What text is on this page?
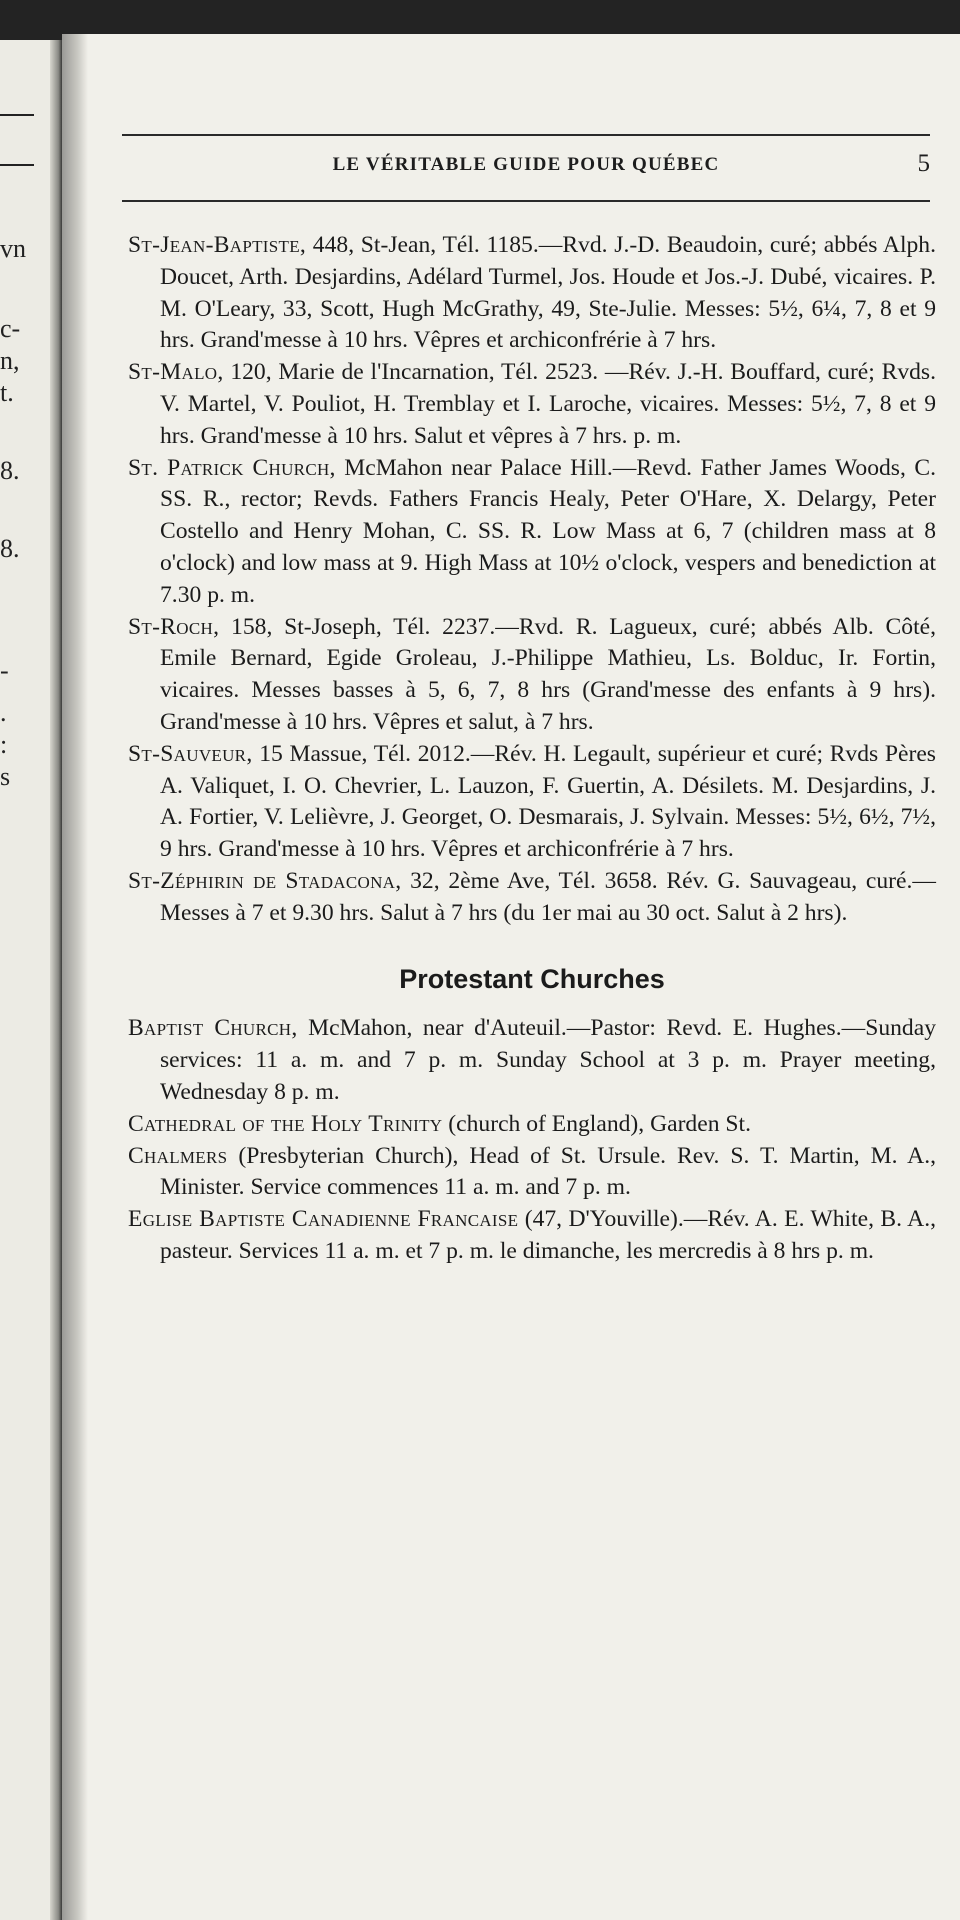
vn
c-
n,
t.
8.
8.
-
.
:
s
LE VÉRITABLE GUIDE POUR QUÉBEC	5

St-Jean-Baptiste, 448, St-Jean, Tél. 1185.—Rvd. J.-D. Beaudoin, curé; abbés Alph. Doucet, Arth. Desjardins, Adélard Turmel, Jos. Houde et Jos.-J. Dubé, vicaires. P. M. O'Leary, 33, Scott, Hugh McGrathy, 49, Ste-Julie. Messes: 5½, 6¼, 7, 8 et 9 hrs. Grand'messe à 10 hrs. Vêpres et archiconfrérie à 7 hrs.

St-Malo, 120, Marie de l'Incarnation, Tél. 2523. —Rév. J.-H. Bouffard, curé; Rvds. V. Martel, V. Pouliot, H. Tremblay et I. Laroche, vicaires. Messes: 5½, 7, 8 et 9 hrs. Grand'messe à 10 hrs. Salut et vêpres à 7 hrs. p. m.

St. Patrick Church, McMahon near Palace Hill.—Revd. Father James Woods, C. SS. R., rector; Revds. Fathers Francis Healy, Peter O'Hare, X. Delargy, Peter Costello and Henry Mohan, C. SS. R. Low Mass at 6, 7 (children mass at 8 o'clock) and low mass at 9. High Mass at 10½ o'clock, vespers and benediction at 7.30 p. m.

St-Roch, 158, St-Joseph, Tél. 2237.—Rvd. R. Lagueux, curé; abbés Alb. Côté, Emile Bernard, Egide Groleau, J.-Philippe Mathieu, Ls. Bolduc, Ir. Fortin, vicaires. Messes basses à 5, 6, 7, 8 hrs (Grand'messe des enfants à 9 hrs). Grand'messe à 10 hrs. Vêpres et salut, à 7 hrs.

St-Sauveur, 15 Massue, Tél. 2012.—Rév. H. Legault, supérieur et curé; Rvds Pères A. Valiquet, I. O. Chevrier, L. Lauzon, F. Guertin, A. Désilets. M. Desjardins, J. A. Fortier, V. Lelièvre, J. Georget, O. Desmarais, J. Sylvain. Messes: 5½, 6½, 7½, 9 hrs. Grand'messe à 10 hrs. Vêpres et archiconfrérie à 7 hrs.

St-Zéphirin de Stadacona, 32, 2ème Ave, Tél. 3658. Rév. G. Sauvageau, curé.—Messes à 7 et 9.30 hrs. Salut à 7 hrs (du 1er mai au 30 oct. Salut à 2 hrs).

Protestant Churches

Baptist Church, McMahon, near d'Auteuil.—Pastor: Revd. E. Hughes.—Sunday services: 11 a. m. and 7 p. m. Sunday School at 3 p. m. Prayer meeting, Wednesday 8 p. m.

Cathedral of the Holy Trinity (church of England), Garden St.

Chalmers (Presbyterian Church), Head of St. Ursule. Rev. S. T. Martin, M. A., Minister. Service commences 11 a. m. and 7 p. m.

Eglise Baptiste Canadienne Francaise (47, D'Youville).—Rév. A. E. White, B. A., pasteur. Services 11 a. m. et 7 p. m. le dimanche, les mercredis à 8 hrs p. m.
